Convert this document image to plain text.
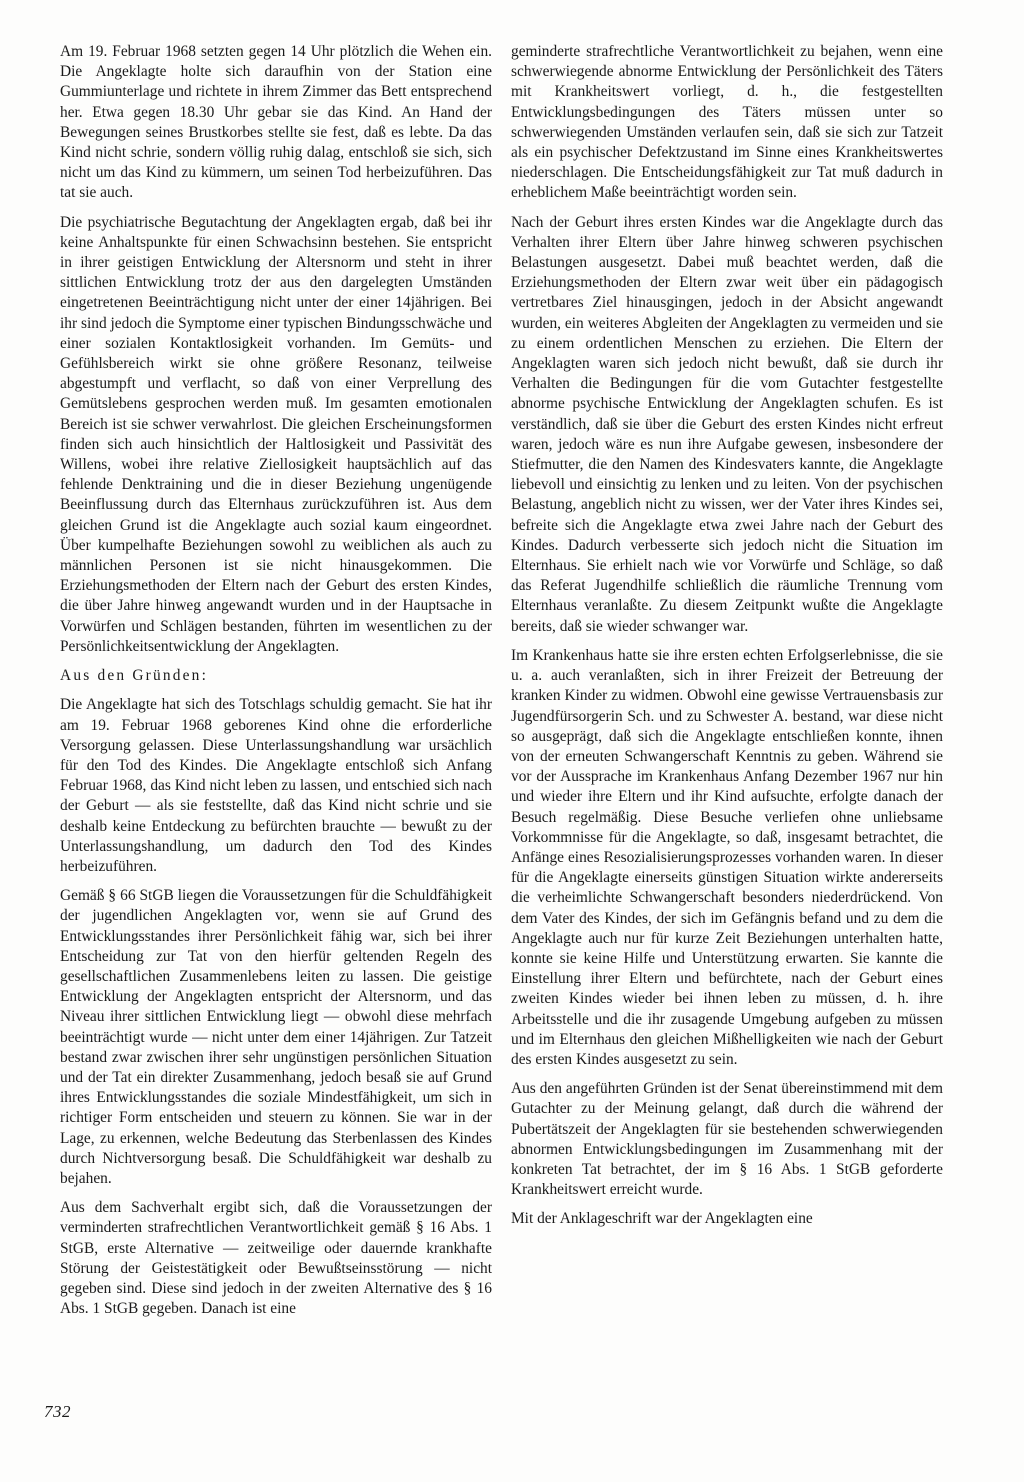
Am 19. Februar 1968 setzten gegen 14 Uhr plötzlich die Wehen ein. Die Angeklagte holte sich daraufhin von der Station eine Gummiunterlage und richtete in ihrem Zimmer das Bett entsprechend her. Etwa gegen 18.30 Uhr gebar sie das Kind. An Hand der Bewegungen seines Brustkorbes stellte sie fest, daß es lebte. Da das Kind nicht schrie, sondern völlig ruhig dalag, entschloß sie sich, sich nicht um das Kind zu kümmern, um seinen Tod herbeizuführen. Das tat sie auch.

Die psychiatrische Begutachtung der Angeklagten ergab, daß bei ihr keine Anhaltspunkte für einen Schwachsinn bestehen. Sie entspricht in ihrer geistigen Entwicklung der Altersnorm und steht in ihrer sittlichen Entwicklung trotz der aus den dargelegten Umständen eingetretenen Beeinträchtigung nicht unter der einer 14jährigen. Bei ihr sind jedoch die Symptome einer typischen Bindungsschwäche und einer sozialen Kontaktlosigkeit vorhanden. Im Gemüts- und Gefühlsbereich wirkt sie ohne größere Resonanz, teilweise abgestumpft und verflacht, so daß von einer Verprellung des Gemütslebens gesprochen werden muß. Im gesamten emotionalen Bereich ist sie schwer verwahrlost. Die gleichen Erscheinungsformen finden sich auch hinsichtlich der Haltlosigkeit und Passivität des Willens, wobei ihre relative Ziellosigkeit hauptsächlich auf das fehlende Denktraining und die in dieser Beziehung ungenügende Beeinflussung durch das Elternhaus zurückzuführen ist. Aus dem gleichen Grund ist die Angeklagte auch sozial kaum eingeordnet. Über kumpelhafte Beziehungen sowohl zu weiblichen als auch zu männlichen Personen ist sie nicht hinausgekommen. Die Erziehungsmethoden der Eltern nach der Geburt des ersten Kindes, die über Jahre hinweg angewandt wurden und in der Hauptsache in Vorwürfen und Schlägen bestanden, führten im wesentlichen zu der Persönlichkeitsentwicklung der Angeklagten.

Aus den Gründen:

Die Angeklagte hat sich des Totschlags schuldig gemacht. Sie hat ihr am 19. Februar 1968 geborenes Kind ohne die erforderliche Versorgung gelassen. Diese Unterlassungshandlung war ursächlich für den Tod des Kindes. Die Angeklagte entschloß sich Anfang Februar 1968, das Kind nicht leben zu lassen, und entschied sich nach der Geburt — als sie feststellte, daß das Kind nicht schrie und sie deshalb keine Entdeckung zu befürchten brauchte — bewußt zu der Unterlassungshandlung, um dadurch den Tod des Kindes herbeizuführen.

Gemäß § 66 StGB liegen die Voraussetzungen für die Schuldfähigkeit der jugendlichen Angeklagten vor, wenn sie auf Grund des Entwicklungsstandes ihrer Persönlichkeit fähig war, sich bei ihrer Entscheidung zur Tat von den hierfür geltenden Regeln des gesellschaftlichen Zusammenlebens leiten zu lassen. Die geistige Entwicklung der Angeklagten entspricht der Altersnorm, und das Niveau ihrer sittlichen Entwicklung liegt — obwohl diese mehrfach beeinträchtigt wurde — nicht unter dem einer 14jährigen. Zur Tatzeit bestand zwar zwischen ihrer sehr ungünstigen persönlichen Situation und der Tat ein direkter Zusammenhang, jedoch besaß sie auf Grund ihres Entwicklungsstandes die soziale Mindestfähigkeit, um sich in richtiger Form entscheiden und steuern zu können. Sie war in der Lage, zu erkennen, welche Bedeutung das Sterbenlassen des Kindes durch Nichtversorgung besaß. Die Schuldfähigkeit war deshalb zu bejahen.

Aus dem Sachverhalt ergibt sich, daß die Voraussetzungen der verminderten strafrechtlichen Verantwortlichkeit gemäß § 16 Abs. 1 StGB, erste Alternative — zeitweilige oder dauernde krankhafte Störung der Geistestätigkeit oder Bewußtseinsstörung — nicht gegeben sind. Diese sind jedoch in der zweiten Alternative des § 16 Abs. 1 StGB gegeben. Danach ist eine

geminderte strafrechtliche Verantwortlichkeit zu bejahen, wenn eine schwerwiegende abnorme Entwicklung der Persönlichkeit des Täters mit Krankheitswert vorliegt, d. h., die festgestellten Entwicklungsbedingungen des Täters müssen unter so schwerwiegenden Umständen verlaufen sein, daß sie sich zur Tatzeit als ein psychischer Defektzustand im Sinne eines Krankheitswertes niederschlagen. Die Entscheidungsfähigkeit zur Tat muß dadurch in erheblichem Maße beeinträchtigt worden sein.

Nach der Geburt ihres ersten Kindes war die Angeklagte durch das Verhalten ihrer Eltern über Jahre hinweg schweren psychischen Belastungen ausgesetzt. Dabei muß beachtet werden, daß die Erziehungsmethoden der Eltern zwar weit über ein pädagogisch vertretbares Ziel hinausgingen, jedoch in der Absicht angewandt wurden, ein weiteres Abgleiten der Angeklagten zu vermeiden und sie zu einem ordentlichen Menschen zu erziehen. Die Eltern der Angeklagten waren sich jedoch nicht bewußt, daß sie durch ihr Verhalten die Bedingungen für die vom Gutachter festgestellte abnorme psychische Entwicklung der Angeklagten schufen. Es ist verständlich, daß sie über die Geburt des ersten Kindes nicht erfreut waren, jedoch wäre es nun ihre Aufgabe gewesen, insbesondere der Stiefmutter, die den Namen des Kindesvaters kannte, die Angeklagte liebevoll und einsichtig zu lenken und zu leiten. Von der psychischen Belastung, angeblich nicht zu wissen, wer der Vater ihres Kindes sei, befreite sich die Angeklagte etwa zwei Jahre nach der Geburt des Kindes. Dadurch verbesserte sich jedoch nicht die Situation im Elternhaus. Sie erhielt nach wie vor Vorwürfe und Schläge, so daß das Referat Jugendhilfe schließlich die räumliche Trennung vom Elternhaus veranlaßte. Zu diesem Zeitpunkt wußte die Angeklagte bereits, daß sie wieder schwanger war.

Im Krankenhaus hatte sie ihre ersten echten Erfolgserlebnisse, die sie u. a. auch veranlaßten, sich in ihrer Freizeit der Betreuung der kranken Kinder zu widmen. Obwohl eine gewisse Vertrauensbasis zur Jugendfürsorgerin Sch. und zu Schwester A. bestand, war diese nicht so ausgeprägt, daß sich die Angeklagte entschließen konnte, ihnen von der erneuten Schwangerschaft Kenntnis zu geben. Während sie vor der Aussprache im Krankenhaus Anfang Dezember 1967 nur hin und wieder ihre Eltern und ihr Kind aufsuchte, erfolgte danach der Besuch regelmäßig. Diese Besuche verliefen ohne unliebsame Vorkommnisse für die Angeklagte, so daß, insgesamt betrachtet, die Anfänge eines Resozialisierungsprozesses vorhanden waren. In dieser für die Angeklagte einerseits günstigen Situation wirkte andererseits die verheimlichte Schwangerschaft besonders niederdrückend. Von dem Vater des Kindes, der sich im Gefängnis befand und zu dem die Angeklagte auch nur für kurze Zeit Beziehungen unterhalten hatte, konnte sie keine Hilfe und Unterstützung erwarten. Sie kannte die Einstellung ihrer Eltern und befürchtete, nach der Geburt eines zweiten Kindes wieder bei ihnen leben zu müssen, d. h. ihre Arbeitsstelle und die ihr zusagende Umgebung aufgeben zu müssen und im Elternhaus den gleichen Mißhelligkeiten wie nach der Geburt des ersten Kindes ausgesetzt zu sein.

Aus den angeführten Gründen ist der Senat übereinstimmend mit dem Gutachter zu der Meinung gelangt, daß durch die während der Pubertätszeit der Angeklagten für sie bestehenden schwerwiegenden abnormen Entwicklungsbedingungen im Zusammenhang mit der konkreten Tat betrachtet, der im § 16 Abs. 1 StGB geforderte Krankheitswert erreicht wurde.

Mit der Anklageschrift war der Angeklagten eine

732
